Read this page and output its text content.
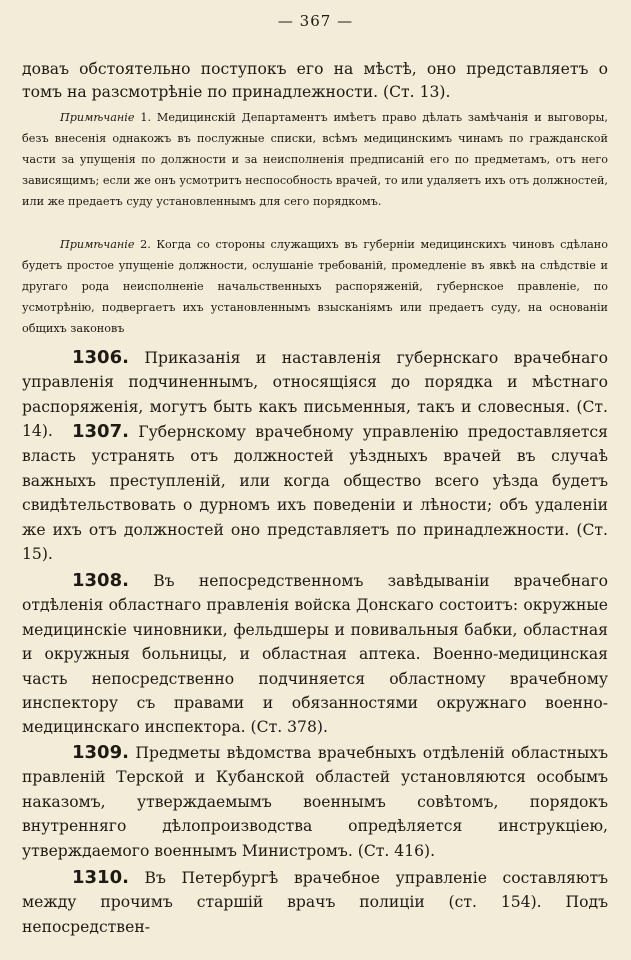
— 367 —
доваъ обстоятельно поступокъ его на мѣстѣ, оно представляетъ о томъ на разсмотрѣніе по принадлежности. (Ст. 13).
Примѣчаніе 1. Медицинскій Департаментъ имѣетъ право дѣлать замѣчанія и выговоры, безъ внесенія однакожъ въ послужные списки, всѣмъ медицинскимъ чинамъ по гражданской части за упущенія по должности и за неисполненія предписаній его по предметамъ, отъ него зависящимъ; если же онъ усмотритъ неспособность врачей, то или удаляетъ ихъ отъ должностей, или же предаетъ суду установленнымъ для сего порядкомъ.
Примѣчаніе 2. Когда со стороны служащихъ въ губерніи медицинскихъ чиновъ сдѣлано будетъ простое упущеніе должности, ослушаніе требованій, промедленіе въ явкѣ на слѣдствіе и другаго рода неисполненіе начальственныхъ распоряженій, губернское правленіе, по усмотрѣнію, подвергаетъ ихъ установленнымъ взысканіямъ или предаетъ суду, на основаніи общихъ законовъ
1306. Приказанія и наставленія губернскаго врачебнаго управленія подчиненнымъ, относящіяся до порядка и мѣстнаго распоряженія, могутъ быть какъ письменныя, такъ и словесныя. (Ст. 14).	1307. Губернскому врачебному управленію предоставляется власть устранять отъ должностей уѣздныхъ врачей въ случаѣ важныхъ преступленій, или когда общество всего уѣзда будетъ свидѣтельствовать о дурномъ ихъ поведеніи и лѣности; объ удаленіи же ихъ отъ должностей оно представляетъ по принадлежности. (Ст. 15).
1308. Въ непосредственномъ завѣдываніи врачебнаго отдѣленія областнаго правленія войска Донскаго состоитъ: окружные медицинскіе чиновники, фельдшеры и повивальныя бабки, областная и окружныя больницы, и областная аптека. Военно-медицинская часть непосредственно подчиняется областному врачебному инспектору съ правами и обязанностями окружнаго военно-медицинскаго инспектора. (Ст. 378).
1309. Предметы вѣдомства врачебныхъ отдѣленій областныхъ правленій Терской и Кубанской областей установляются особымъ наказомъ, утверждаемымъ военнымъ совѣтомъ, порядокъ внутренняго дѣлопроизводства опредѣляется инструкціею, утверждаемого военнымъ Министромъ. (Ст. 416).
1310. Въ Петербургѣ врачебное управленіе составляютъ между прочимъ старшій врачъ полиціи (ст. 154). Подъ непосредствен-
